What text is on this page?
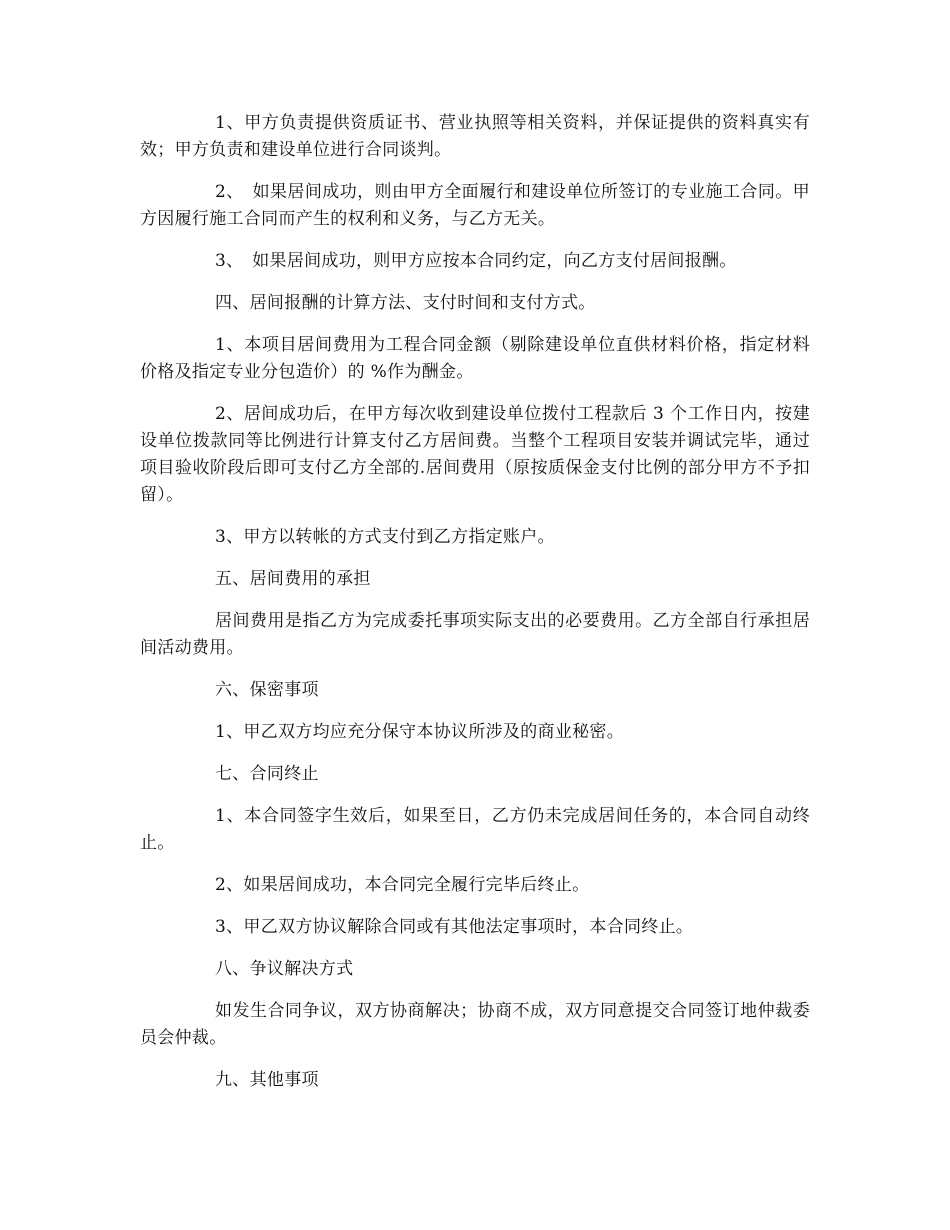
1、甲方负责提供资质证书、营业执照等相关资料，并保证提供的资料真实有效；甲方负责和建设单位进行合同谈判。

2、　如果居间成功，则由甲方全面履行和建设单位所签订的专业施工合同。甲方因履行施工合同而产生的权利和义务，与乙方无关。

3、　如果居间成功，则甲方应按本合同约定，向乙方支付居间报酬。

四、居间报酬的计算方法、支付时间和支付方式。

1、本项目居间费用为工程合同金额（剔除建设单位直供材料价格，指定材料价格及指定专业分包造价）的 %作为酬金。

2、居间成功后，在甲方每次收到建设单位拨付工程款后 3 个工作日内，按建设单位拨款同等比例进行计算支付乙方居间费。当整个工程项目安装并调试完毕，通过项目验收阶段后即可支付乙方全部的.居间费用（原按质保金支付比例的部分甲方不予扣留）。

3、甲方以转帐的方式支付到乙方指定账户。

五、居间费用的承担

居间费用是指乙方为完成委托事项实际支出的必要费用。乙方全部自行承担居间活动费用。

六、保密事项

1、甲乙双方均应充分保守本协议所涉及的商业秘密。

七、合同终止

1、本合同签字生效后，如果至日，乙方仍未完成居间任务的，本合同自动终止。

2、如果居间成功，本合同完全履行完毕后终止。

3、甲乙双方协议解除合同或有其他法定事项时，本合同终止。

八、争议解决方式

如发生合同争议，双方协商解决；协商不成，双方同意提交合同签订地仲裁委员会仲裁。

九、其他事项
